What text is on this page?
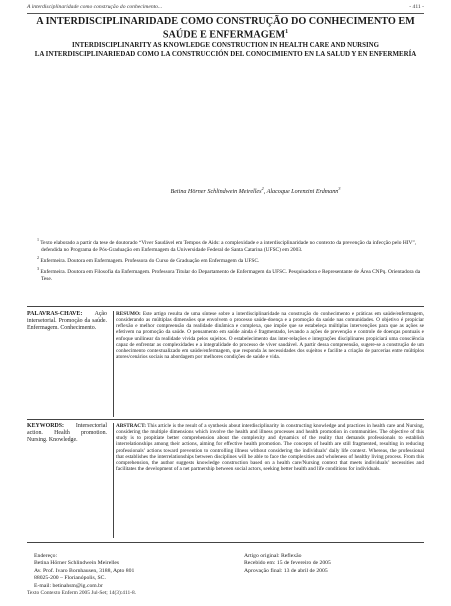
A interdisciplinaridade como construção do conhecimento...	- 411 -

A INTERDISCIPLINARIDADE COMO CONSTRUÇÃO DO CONHECIMENTO EM SAÚDE E ENFERMAGEM$^1$

INTERDISCIPLINARITY AS KNOWLEDGE CONSTRUCTION IN HEALTH CARE AND NURSING

LA INTERDISCIPLINARIEDAD COMO LA CONSTRUCCIÓN DEL CONOCIMIENTO EN LA SALUD Y EN ENFERMERÍA

Betina Hörner Schlindwein Meirelles$^2$, Alacoque Lorenzini Erdmann$^3$

$^1$ Texto elaborado a partir da tese de doutorado “Viver Saudável em Tempos de Aids: a complexidade e a interdisciplinaridade no contexto da prevenção da infecção pelo HIV”, defendida no Programa de Pós-Graduação em Enfermagem da Universidade Federal de Santa Catarina (UFSC) em 2003.

$^2$ Enfermeira. Doutora em Enfermagem. Professora do Curso de Graduação em Enfermagem da UFSC.

$^3$ Enfermeira. Doutora em Filosofia da Enfermagem. Professora Titular do Departamento de Enfermagem da UFSC. Pesquisadora e Representante de Área CNPq. Orientadora da Tese.

PALAVRAS-CHAVE: Ação intersetorial. Promoção da saúde. Enfermagem. Conhecimento.
RESUMO: Este artigo resulta de uma síntese sobre a interdisciplinaridade na construção do conhecimento e práticas em saúde/enfermagem, considerando as múltiplas dimensões que envolvem o processo saúde-doença e a promoção da saúde nas comunidades. O objetivo é propiciar reflexão e melhor compreensão da realidade dinâmica e complexa, que impõe que se estabeleça múltiplas intervenções para que as ações se efetivem na promoção da saúde. O pensamento em saúde ainda é fragmentado, levando a ações de prevenção e controle de doenças pontuais e enfoque unilinear da realidade vivida pelos sujeitos. O estabelecimento das inter-relações e integrações disciplinares propiciará uma consciência capaz de enfrentar as complexidades e a integralidade do processo de viver saudável. A partir dessa compreensão, sugere-se a construção de um conhecimento contextualizado em saúde/enfermagem, que responda às necessidades dos sujeitos e facilite a criação de parcerias entre múltiplos atores/cenários sociais na abordagem por melhores condições de saúde e vida.
KEYWORDS: Intersectorial action. Health promotion. Nursing. Knowledge.
ABSTRACT: This article is the result of a synthesis about interdisciplinarity in constructing knowledge and practices in health care and Nursing, considering the multiple dimensions which involve the health and illness processes and health promotion in communities. The objective of this study is to propitiate better comprehension about the complexity and dynamics of the reality that demands professionals to establish interrelationships among their actions, aiming for effective health promotion. The concepts of health are still fragmented, resulting in reducing professionals’ actions toward prevention to controlling illness without considering the individuals’ daily life context. Whereas, the professional that establishes the interrelationships between disciplines will be able to face the complexities and wholeness of healthy living process. From this comprehension, the author suggests knowledge construction based on a health care/Nursing context that meets individuals’ necessities and facilitates the development of a net partnership between social actors, seeking better health and life conditions for individuals.
Endereço:
Betina Hörner Schlindwein Meirelles
Av. Prof. Ivaro Bornhausen, 3188, Apto 801
88025-200 – Florianópolis, SC.
E-mail: betinahsm@ig.com.br
Artigo original: Reflexão
Recebido em: 15 de fevereiro de 2005
Aprovação final: 13 de abril de 2005
Texto Contexto Enferm 2005 Jul-Set; 14(3):411-8.
